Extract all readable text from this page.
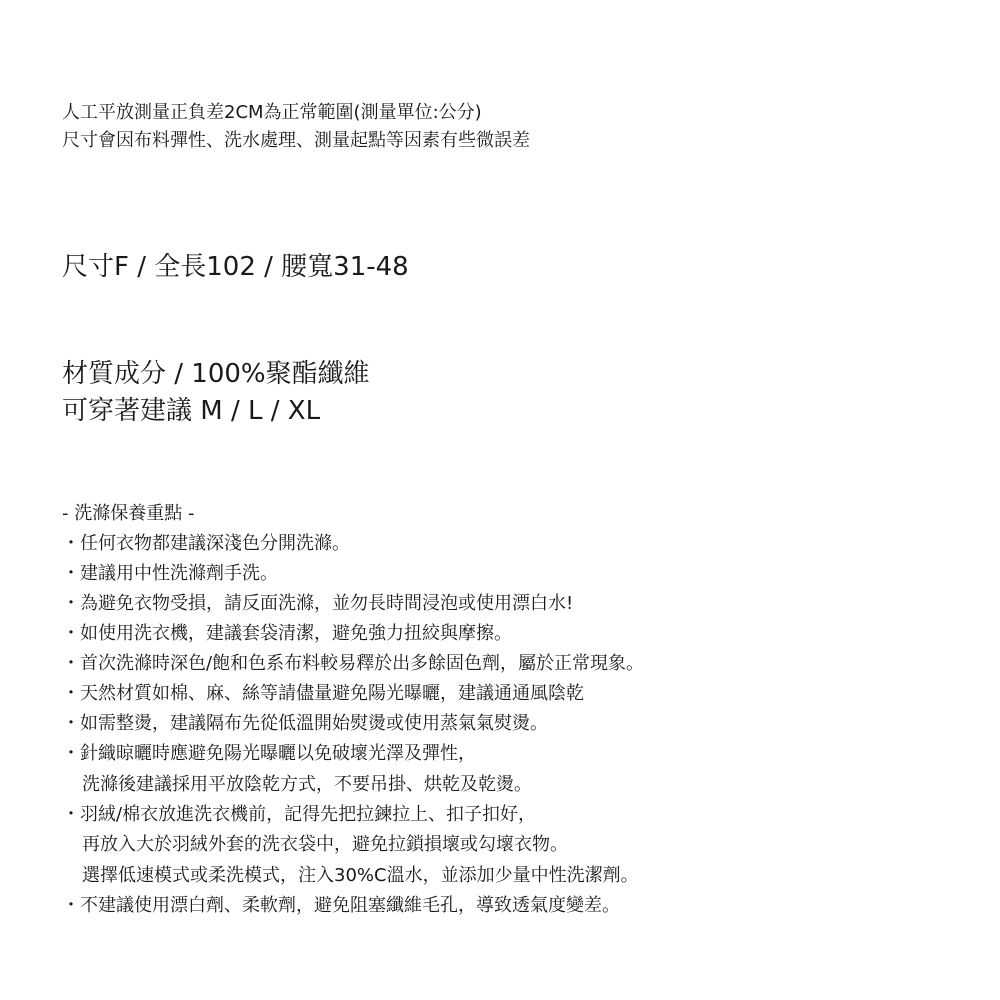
人工平放測量正負差2CM為正常範圍(測量單位:公分)
尺寸會因布料彈性、洗水處理、測量起點等因素有些微誤差
尺寸F / 全長102 / 腰寬31-48
材質成分 / 100%聚酯纖維
可穿著建議 M / L / XL
- 洗滌保養重點 -
・任何衣物都建議深淺色分開洗滌。
・建議用中性洗滌劑手洗。
・為避免衣物受損，請反面洗滌，並勿長時間浸泡或使用漂白水!
・如使用洗衣機，建議套袋清潔，避免強力扭絞與摩擦。
・首次洗滌時深色/飽和色系布料較易釋於出多餘固色劑，屬於正常現象。
・天然材質如棉、麻、絲等請儘量避免陽光曝曬，建議通通風陰乾
・如需整燙，建議隔布先從低溫開始熨燙或使用蒸氣氣熨燙。
・針織晾曬時應避免陽光曝曬以免破壞光澤及彈性，
洗滌後建議採用平放陰乾方式，不要吊掛、烘乾及乾燙。
・羽絨/棉衣放進洗衣機前，記得先把拉鍊拉上、扣子扣好，
再放入大於羽絨外套的洗衣袋中，避免拉鎖損壞或勾壞衣物。
選擇低速模式或柔洗模式，注入30%C溫水，並添加少量中性洗潔劑。
・不建議使用漂白劑、柔軟劑，避免阻塞纖維毛孔，導致透氣度變差。
